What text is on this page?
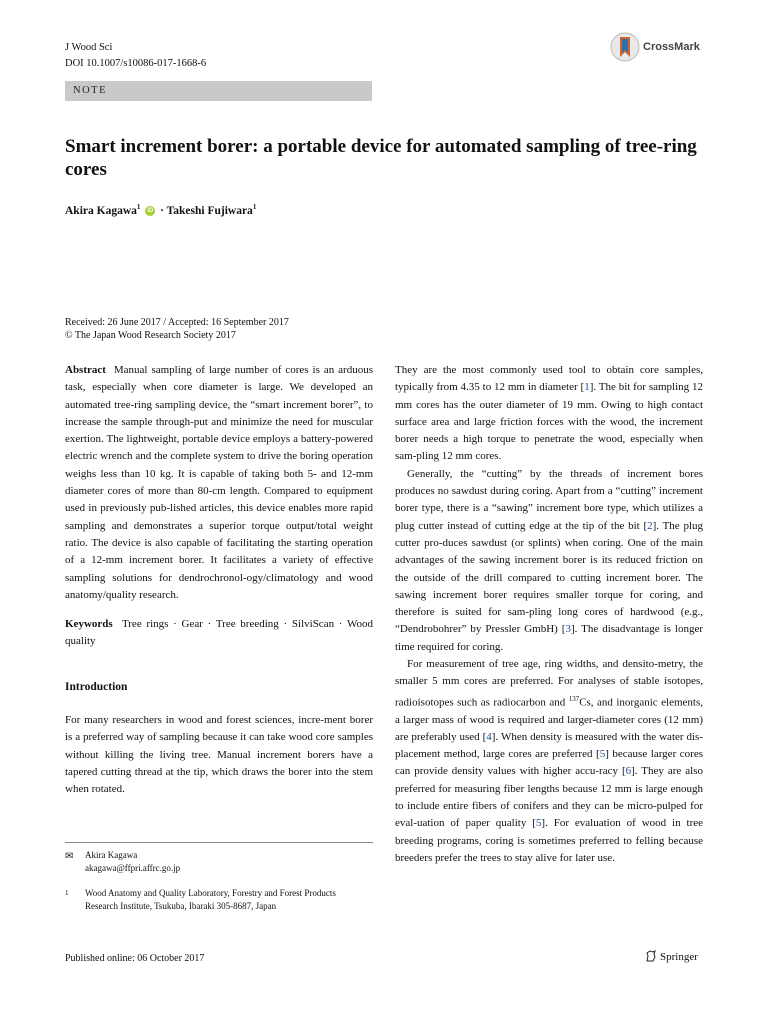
J Wood Sci
DOI 10.1007/s10086-017-1668-6
CrossMark
NOTE
Smart increment borer: a portable device for automated sampling of tree-ring cores
Akira Kagawa$^1$ iD · Takeshi Fujiwara$^1$
Received: 26 June 2017 / Accepted: 16 September 2017
© The Japan Wood Research Society 2017

Abstract Manual sampling of large number of cores is an arduous task, especially when core diameter is large. We developed an automated tree-ring sampling device, the “smart increment borer”, to increase the sample through-put and minimize the need for muscular exertion. The lightweight, portable device employs a battery-powered electric wrench and the complete system to drive the boring operation weighs less than 10 kg. It is capable of taking both 5- and 12-mm diameter cores of more than 80-cm length. Compared to equipment used in previously pub-lished articles, this device enables more rapid sampling and demonstrates a superior torque output/total weight ratio. The device is also capable of facilitating the starting operation of a 12-mm increment borer. It facilitates a variety of effective sampling solutions for dendrochronol-ogy/climatology and wood anatomy/quality research.

Keywords Tree rings · Gear · Tree breeding · SilviScan · Wood quality

Introduction

For many researchers in wood and forest sciences, incre-ment borer is a preferred way of sampling because it can take wood core samples without killing the living tree. Manual increment borers have a tapered cutting thread at the tip, which draws the borer into the stem when rotated.

They are the most commonly used tool to obtain core samples, typically from 4.35 to 12 mm in diameter [1]. The bit for sampling 12 mm cores has the outer diameter of 19 mm. Owing to high contact surface area and large friction forces with the wood, the increment borer needs a high torque to penetrate the wood, especially when sam-pling 12 mm cores.

Generally, the “cutting” by the threads of increment bores produces no sawdust during coring. Apart from a “cutting” increment borer type, there is a “sawing” increment bore type, which utilizes a plug cutter instead of cutting edge at the tip of the bit [2]. The plug cutter pro-duces sawdust (or splints) when coring. One of the main advantages of the sawing increment borer is its reduced friction on the outside of the drill compared to cutting increment borer. The sawing increment borer requires smaller torque for coring, and therefore is suited for sam-pling long cores of hardwood (e.g., “Dendrobohrer” by Pressler GmbH) [3]. The disadvantage is longer time required for coring.

For measurement of tree age, ring widths, and densito-metry, the smaller 5 mm cores are preferred. For analyses of stable isotopes, radioisotopes such as radiocarbon and $^{137}$Cs, and inorganic elements, a larger mass of wood is required and larger-diameter cores (12 mm) are preferably used [4]. When density is measured with the water dis-placement method, large cores are preferred [5] because larger cores can provide density values with higher accu-racy [6]. They are also preferred for measuring fiber lengths because 12 mm is large enough to include entire fibers of conifers and they can be micro-pulped for eval-uation of paper quality [5]. For evaluation of wood in tree breeding programs, coring is sometimes preferred to felling because breeders prefer the trees to stay alive for later use.

✉ Akira Kagawa
akagawa@ffpri.affrc.go.jp
1 Wood Anatomy and Quality Laboratory, Forestry and Forest Products Research Institute, Tsukuba, Ibaraki 305-8687, Japan
Published online: 06 October 2017	Springer
